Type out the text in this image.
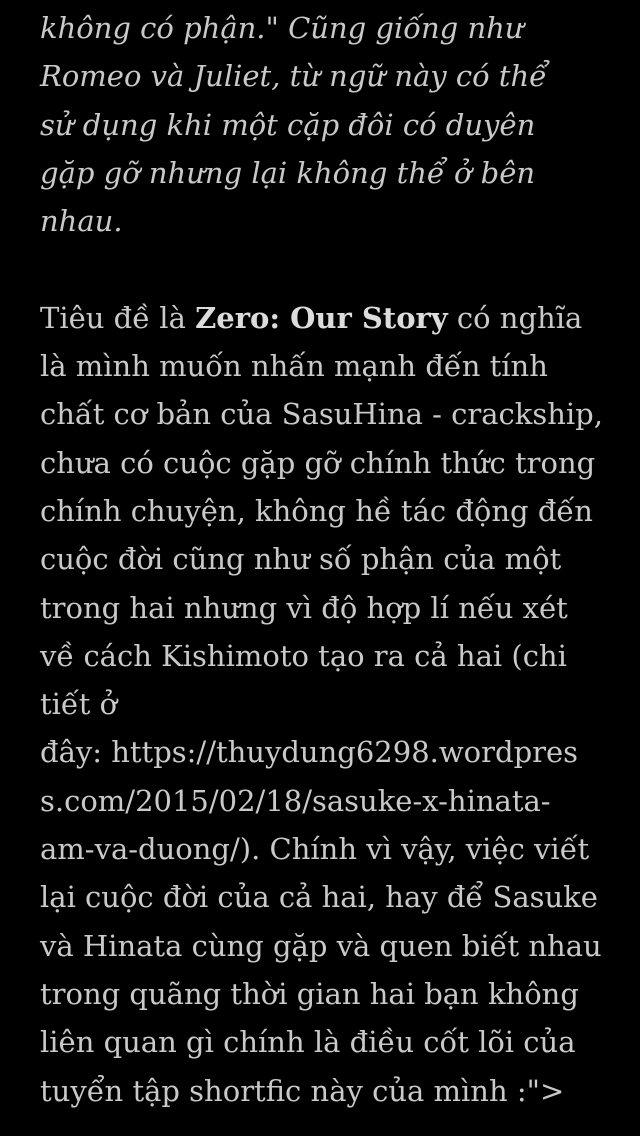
không có phận." Cũng giống như
Romeo và Juliet, từ ngữ này có thể
sử dụng khi một cặp đôi có duyên
gặp gỡ nhưng lại không thể ở bên
nhau.
Tiêu đề là Zero: Our Story có nghĩa
là mình muốn nhấn mạnh đến tính
chất cơ bản của SasuHina - crackship,
chưa có cuộc gặp gỡ chính thức trong
chính chuyện, không hề tác động đến
cuộc đời cũng như số phận của một
trong hai nhưng vì độ hợp lí nếu xét
về cách Kishimoto tạo ra cả hai (chi
tiết ở
đây: https://thuydung6298.wordpres
s.com/2015/02/18/sasuke-x-hinata-
am-va-duong/). Chính vì vậy, việc viết
lại cuộc đời của cả hai, hay để Sasuke
và Hinata cùng gặp và quen biết nhau
trong quãng thời gian hai bạn không
liên quan gì chính là điều cốt lõi của
tuyển tập shortfic này của mình :">
